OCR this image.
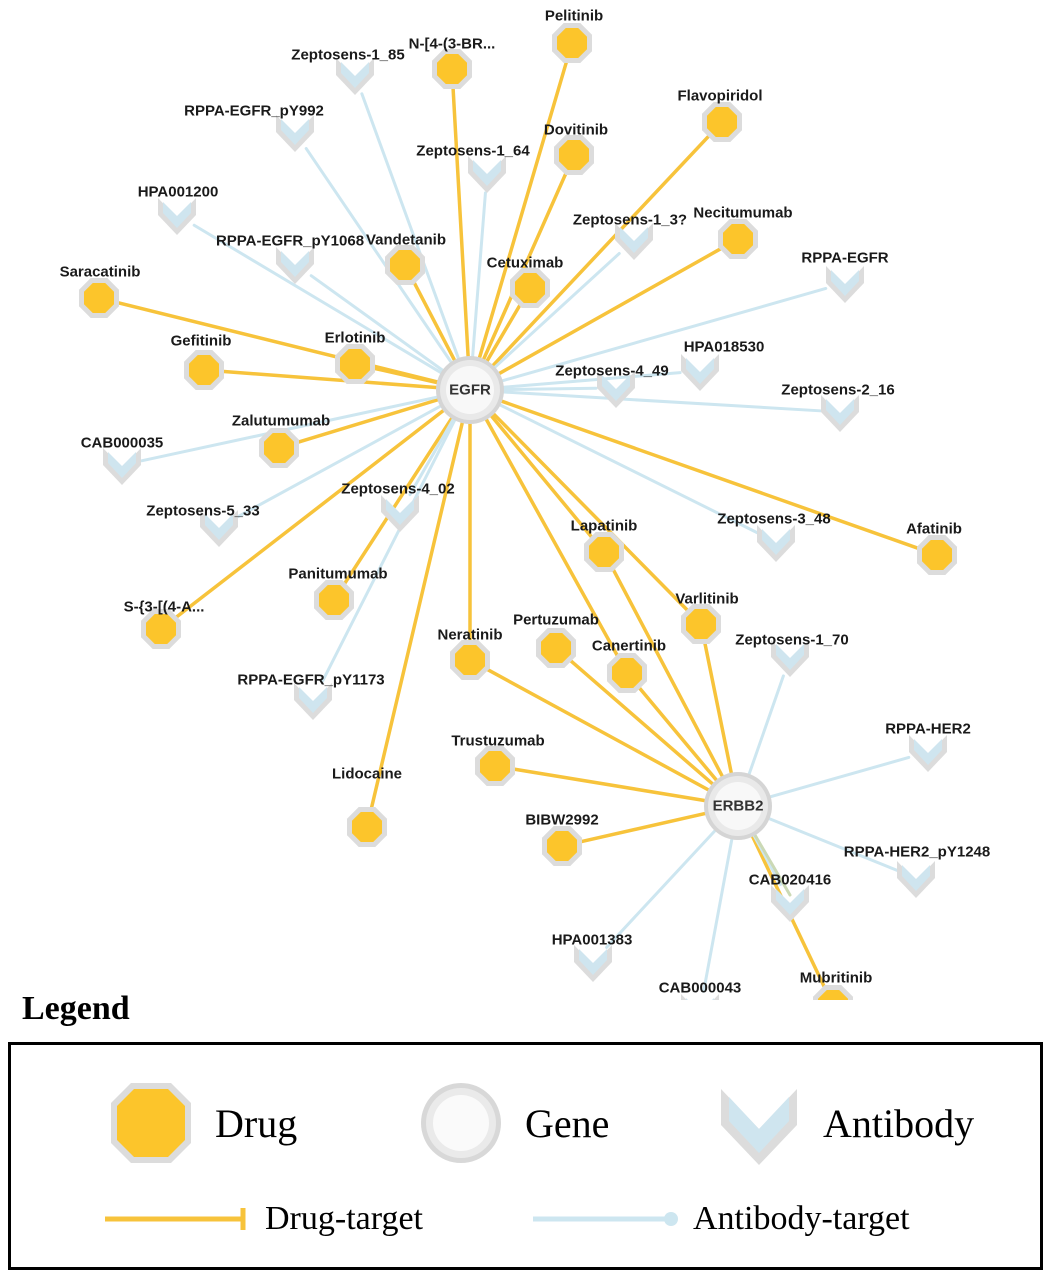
Zeptosens-1_85
RPPA-EGFR_pY992
Zeptosens-1_64
HPA001200
Zeptosens-1_3?
RPPA-EGFR_pY1068
RPPA-EGFR
HPA018530
Zeptosens-4_49
Zeptosens-2_16
CAB000035
Zeptosens-5_33
Zeptosens-4_02
Zeptosens-3_48
RPPA-EGFR_pY1173
Zeptosens-1_70
RPPA-HER2
RPPA-HER2_pY1248
CAB020416
HPA001383
CAB000043
Pelitinib
N-[4-(3-BR...
Flavopiridol
Dovitinib
Necitumumab
Vandetanib
Cetuximab
Saracatinib
Gefitinib	Erlotinib
Zalutumumab
Panitumumab
S-{3-[(4-A...
Lidocaine
Lapatinib
Varlitinib
Afatinib
Pertuzumab
Neratinib
Canertinib
Trustuzumab
BIBW2992
Mubritinib
EGFR
ERBB2
Legend
Drug	Gene	Antibody
Drug-target	Antibody-target
